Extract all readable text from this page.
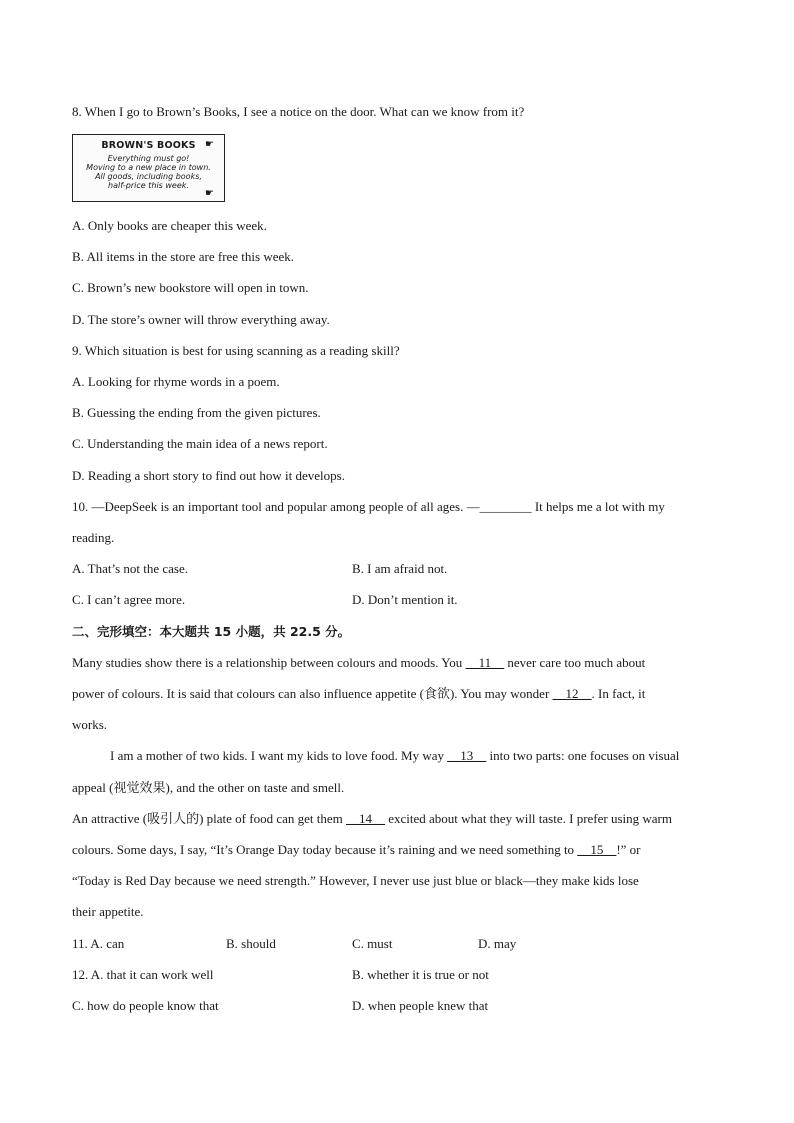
8. When I go to Brown’s Books, I see a notice on the door. What can we know from it?
BROWN'S BOOKS
Everything must go!
Moving to a new place in town.
All goods, including books,
half-price this week.
☛
☛
A. Only books are cheaper this week.
B. All items in the store are free this week.
C. Brown’s new bookstore will open in town.
D. The store’s owner will throw everything away.
9. Which situation is best for using scanning as a reading skill?
A. Looking for rhyme words in a poem.
B. Guessing the ending from the given pictures.
C. Understanding the main idea of a news report.
D. Reading a short story to find out how it develops.
10. —DeepSeek is an important tool and popular among people of all ages. —________ It helps me a lot with my
reading.
A. That’s not the case.	B. I am afraid not.
C. I can’t agree more.	D. Don’t mention it.
二、完形填空：本大题共 15 小题，共 22.5 分。
Many studies show there is a relationship between colours and moods. You __11__ never care too much about
power of colours. It is said that colours can also influence appetite (食欲). You may wonder __12__. In fact, it
works.
I am a mother of two kids. I want my kids to love food. My way __13__ into two parts: one focuses on visual
appeal (视觉效果), and the other on taste and smell.
An attractive (吸引人的) plate of food can get them __14__ excited about what they will taste. I prefer using warm
colours. Some days, I say, “It’s Orange Day today because it’s raining and we need something to __15__!” or
“Today is Red Day because we need strength.” However, I never use just blue or black—they make kids lose
their appetite.
11. A. can	B. should	C. must	D. may
12. A. that it can work well	B. whether it is true or not
C. how do people know that	D. when people knew that
